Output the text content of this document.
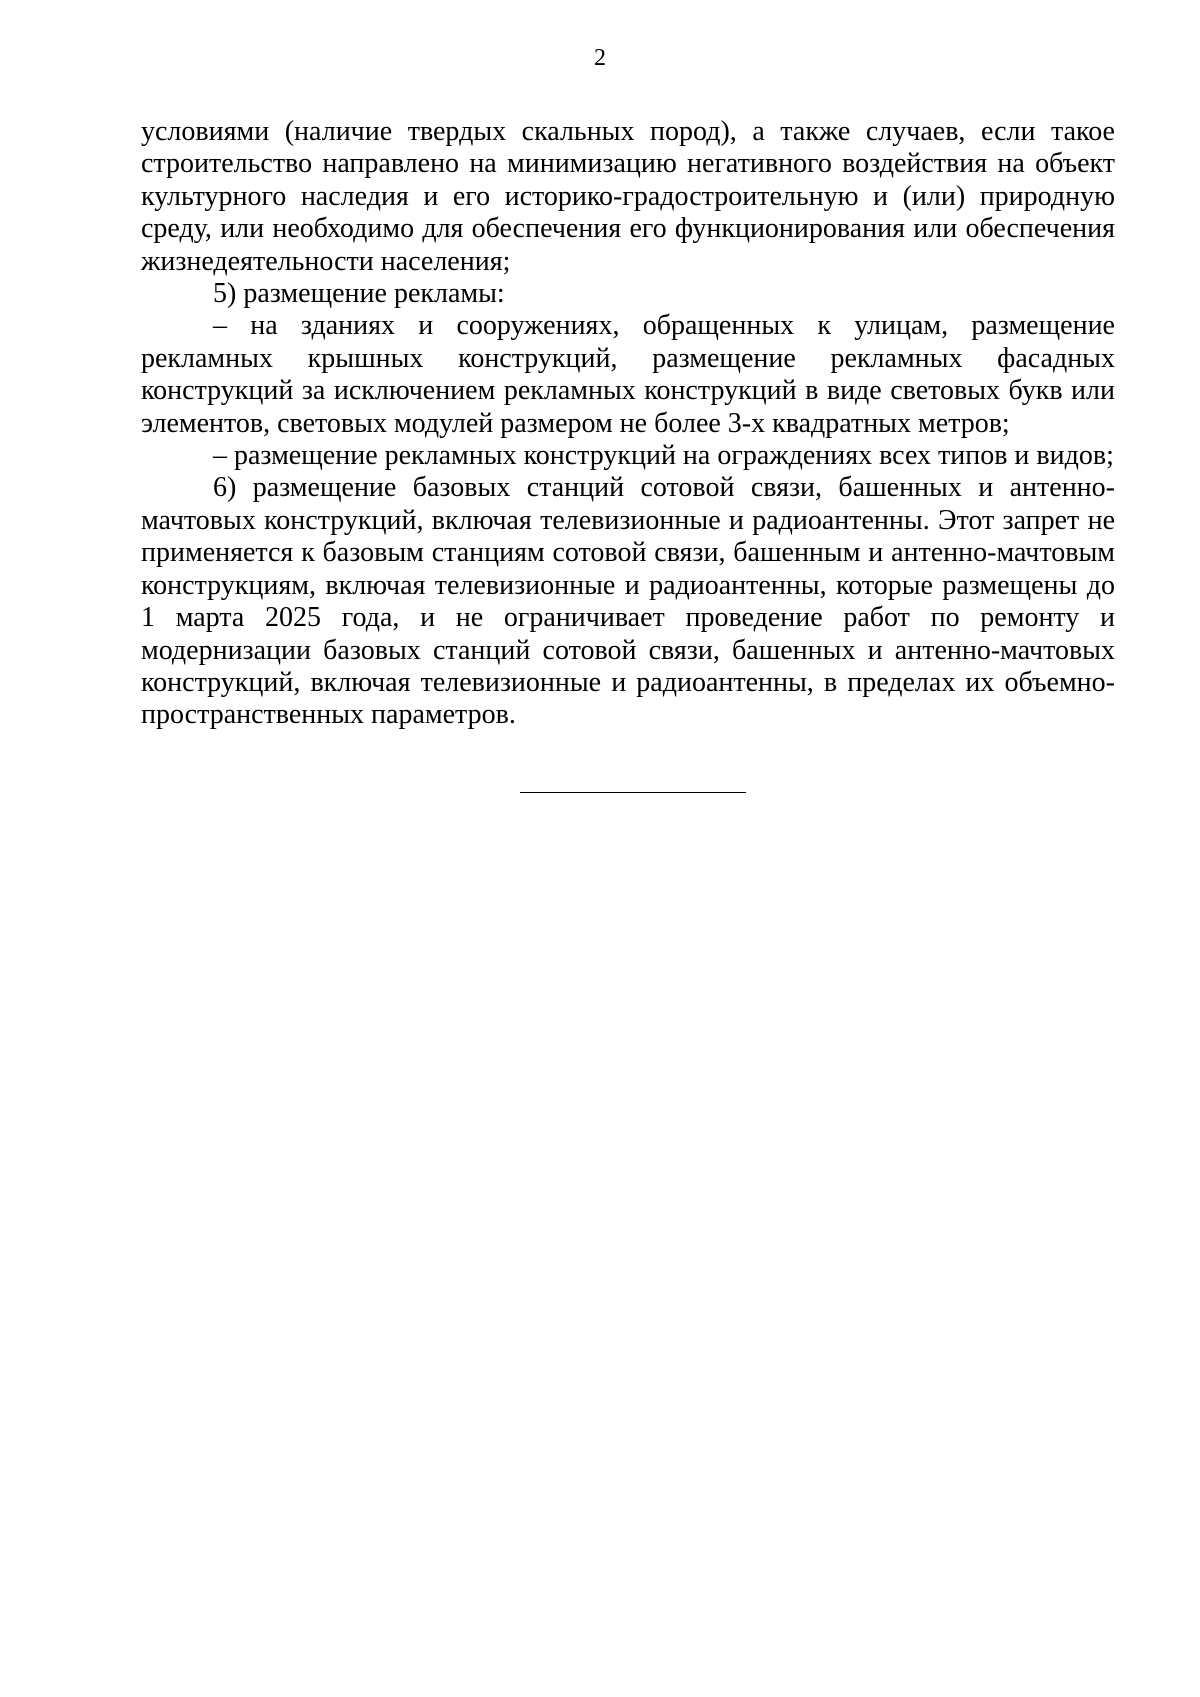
2

условиями (наличие твердых скальных пород), а также случаев, если такое строительство направлено на минимизацию негативного воздействия на объект культурного наследия и его историко-градостроительную и (или) природную среду, или необходимо для обеспечения его функционирования или обеспечения жизнедеятельности населения;

5) размещение рекламы:

– на зданиях и сооружениях, обращенных к улицам, размещение рекламных крышных конструкций, размещение рекламных фасадных конструкций за исключением рекламных конструкций в виде световых букв или элементов, световых модулей размером не более 3-х квадратных метров;

– размещение рекламных конструкций на ограждениях всех типов и видов;

6) размещение базовых станций сотовой связи, башенных и антенно-мачтовых конструкций, включая телевизионные и радиоантенны. Этот запрет не применяется к базовым станциям сотовой связи, башенным и антенно-мачтовым конструкциям, включая телевизионные и радиоантенны, которые размещены до 1 марта 2025 года, и не ограничивает проведение работ по ремонту и модернизации базовых станций сотовой связи, башенных и антенно-мачтовых конструкций, включая телевизионные и радиоантенны, в пределах их объемно- пространственных параметров.
